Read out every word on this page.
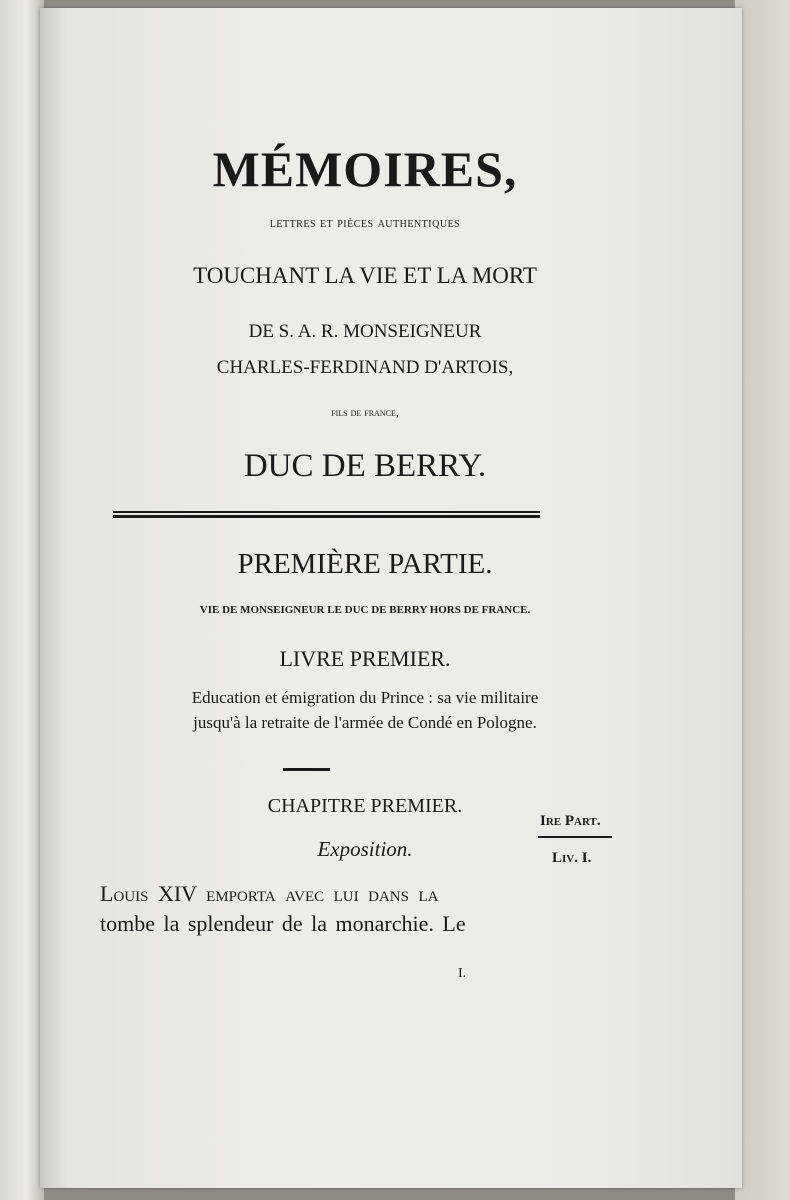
MÉMOIRES,
lettres et pièces authentiques
TOUCHANT LA VIE ET LA MORT
DE S. A. R. MONSEIGNEUR
CHARLES-FERDINAND D'ARTOIS,
fils de france,
DUC DE BERRY.
PREMIÈRE PARTIE.
VIE DE MONSEIGNEUR LE DUC DE BERRY HORS DE FRANCE.
LIVRE PREMIER.
Education et émigration du Prince : sa vie militaire
jusqu'à la retraite de l'armée de Condé en Pologne.
CHAPITRE PREMIER.
Exposition.
Ire Part.
Liv. I.
Louis XIV emporta avec lui dans la
tombe la splendeur de la monarchie. Le
I.
